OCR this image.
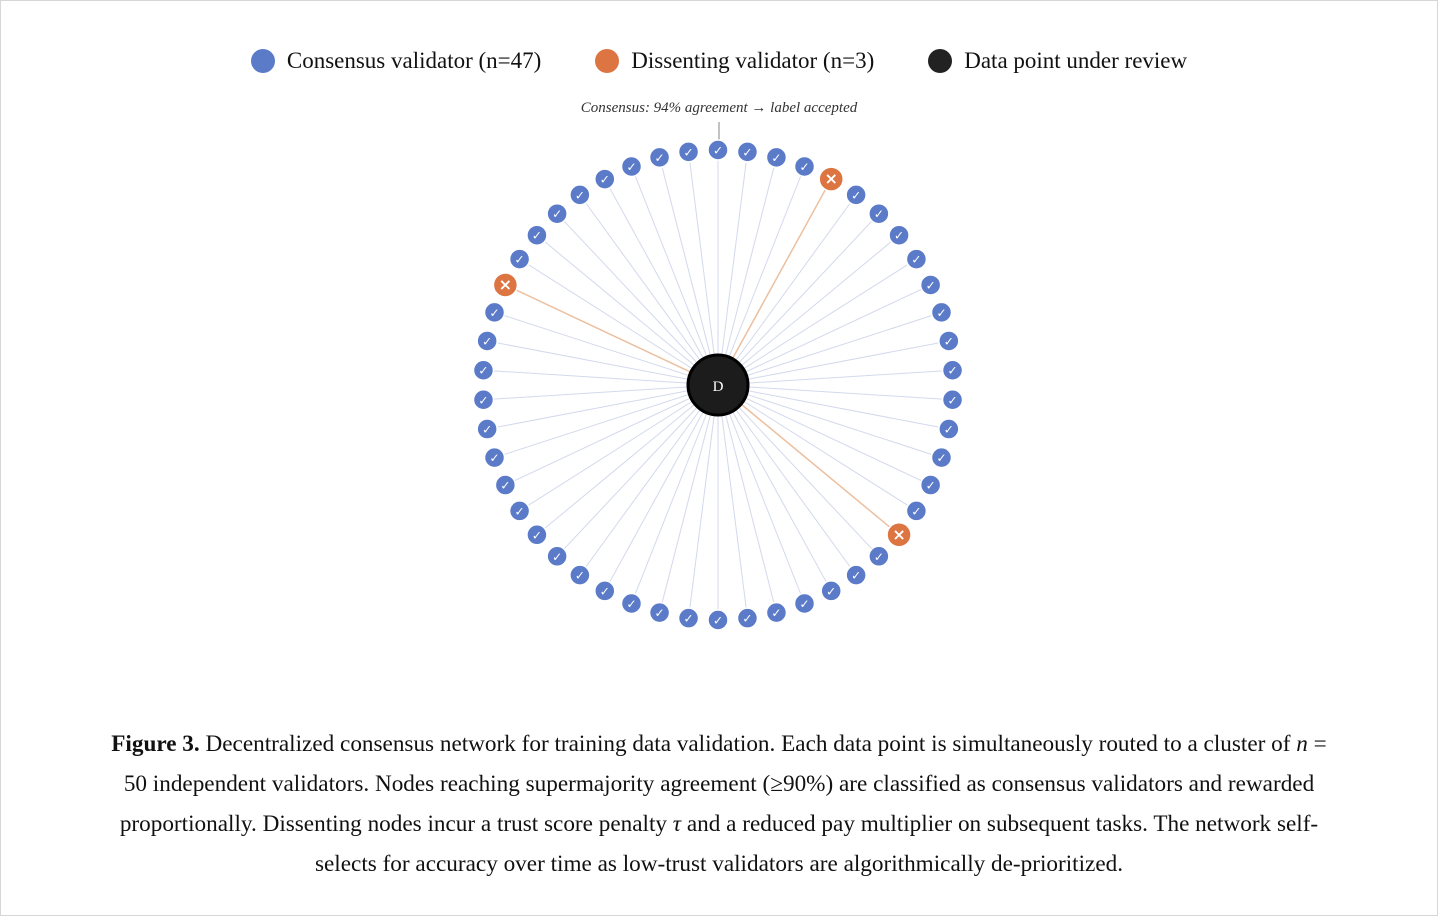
Consensus validator (n=47)	Dissenting validator (n=3)	Data point under review
Consensus: 94% agreement → label accepted
✓ ✓ ✓
✓
×
✓
✓
✓
✓
✓
✓
✓
✓
✓
✓
✓
✓
✓
×
✓
✓
✓
✓
✓
✓
✓
✓
✓
✓
✓
✓
✓
✓
✓
✓
✓
✓
✓
✓
✓
✓
×
✓
✓
✓
✓
✓
✓
✓ ✓
D
Figure 3. Decentralized consensus network for training data validation. Each data point is simultaneously routed to a cluster of n = 50 independent validators. Nodes reaching supermajority agreement (≥90%) are classified as consensus validators and rewarded proportionally. Dissenting nodes incur a trust score penalty τ and a reduced pay multiplier on subsequent tasks. The network self-selects for accuracy over time as low-trust validators are algorithmically de-prioritized.
